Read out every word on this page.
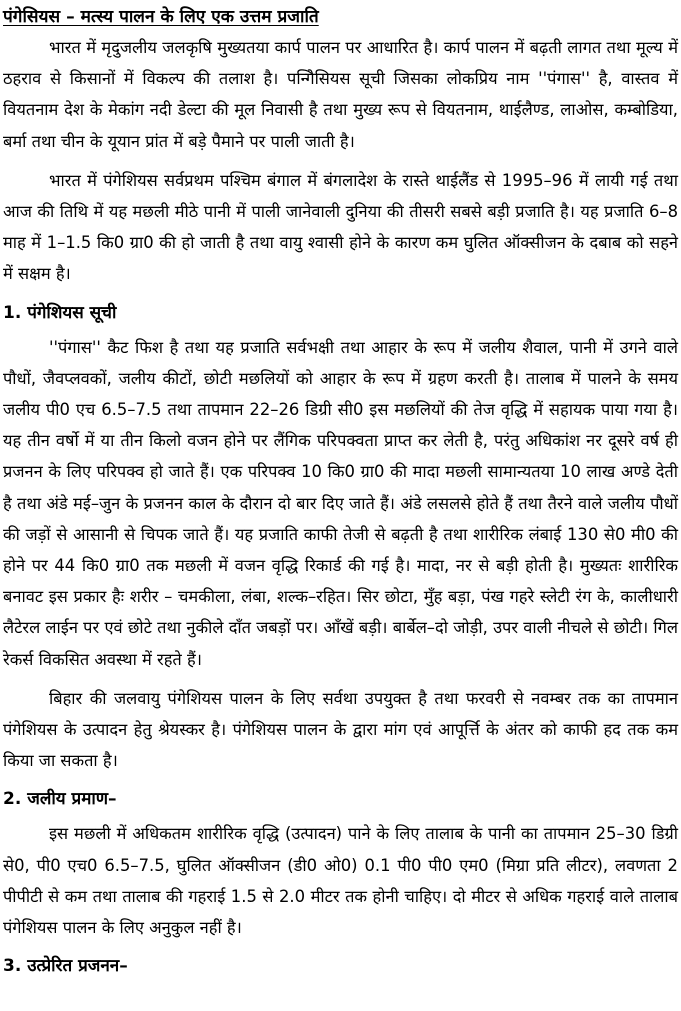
पंगेसियस – मत्स्य पालन के लिए एक उत्तम प्रजाति

भारत में मृदुजलीय जलकृषि मुख्यतया कार्प पालन पर आधारित है। कार्प पालन में बढ़ती लागत तथा मूल्य में ठहराव से किसानों में विकल्प की तलाश है। पन्गिेसियस सूची जिसका लोकप्रिय नाम ''पंगास'' है, वास्तव में वियतनाम देश के मेकांग नदी डेल्टा की मूल निवासी है तथा मुख्य रूप से वियतनाम, थाईलैण्ड, लाओस, कम्बोडिया, बर्मा तथा चीन के यूयान प्रांत में बड़े पैमाने पर पाली जाती है।

भारत में पंगेशियस सर्वप्रथम पश्चिम बंगाल में बंगलादेश के रास्ते थाईलैंड से 1995–96 में लायी गई तथा आज की तिथि में यह मछली मीठे पानी में पाली जानेवाली दुनिया की तीसरी सबसे बड़ी प्रजाति है। यह प्रजाति 6–8 माह में 1–1.5 कि0 ग्रा0 की हो जाती है तथा वायु श्वासी होने के कारण कम घुलित ऑक्सीजन के दबाब को सहने में सक्षम है।

1. पंगेशियस सूची

''पंगास'' कैट फिश है तथा यह प्रजाति सर्वभक्षी तथा आहार के रूप में जलीय शैवाल, पानी में उगने वाले पौधों, जैवप्लवकों, जलीय कीटों, छोटी मछलियों को आहार के रूप में ग्रहण करती है। तालाब में पालने के समय जलीय पी0 एच 6.5–7.5 तथा तापमान 22–26 डिग्री सी0 इस मछलियों की तेज वृद्धि में सहायक पाया गया है। यह तीन वर्षो में या तीन किलो वजन होने पर लैंगिक परिपक्वता प्राप्त कर लेती है, परंतु अधिकांश नर दूसरे वर्ष ही प्रजनन के लिए परिपक्व हो जाते हैं। एक परिपक्व 10 कि0 ग्रा0 की मादा मछली सामान्यतया 10 लाख अण्डे देती है तथा अंडे मई–जुन के प्रजनन काल के दौरान दो बार दिए जाते हैं। अंडे लसलसे होते हैं तथा तैरने वाले जलीय पौधों की जड़ों से आसानी से चिपक जाते हैं। यह प्रजाति काफी तेजी से बढ़ती है तथा शारीरिक लंबाई 130 से0 मी0 की होने पर 44 कि0 ग्रा0 तक मछली में वजन वृद्धि रिकार्ड की गई है। मादा, नर से बड़ी होती है। मुख्यतः शारीरिक बनावट इस प्रकार हैः शरीर – चमकीला, लंबा, शल्क–रहित। सिर छोटा, मुँह बड़ा, पंख गहरे स्लेटी रंग के, कालीधारी लैटेरल लाईन पर एवं छोटे तथा नुकीले दाँत जबड़ों पर। आँखें बड़ी। बार्बेल–दो जोड़ी, उपर वाली नीचले से छोटी। गिल रेकर्स विकसित अवस्था में रहते हैं।

बिहार की जलवायु पंगेशियस पालन के लिए सर्वथा उपयुक्त है तथा फरवरी से नवम्बर तक का तापमान पंगेशियस के उत्पादन हेतु श्रेयस्कर है। पंगेशियस पालन के द्वारा मांग एवं आपूर्त्ति के अंतर को काफी हद तक कम किया जा सकता है।

2. जलीय प्रमाण–

इस मछली में अधिकतम शारीरिक वृद्धि (उत्पादन) पाने के लिए तालाब के पानी का तापमान 25–30 डिग्री से0, पी0 एच0 6.5–7.5, घुलित ऑक्सीजन (डी0 ओ0) 0.1 पी0 पी0 एम0 (मिग्रा प्रति लीटर), लवणता 2 पीपीटी से कम तथा तालाब की गहराई 1.5 से 2.0 मीटर तक होनी चाहिए। दो मीटर से अधिक गहराई वाले तालाब पंगेशियस पालन के लिए अनुकुल नहीं है।

3. उत्प्रेरित प्रजनन–
